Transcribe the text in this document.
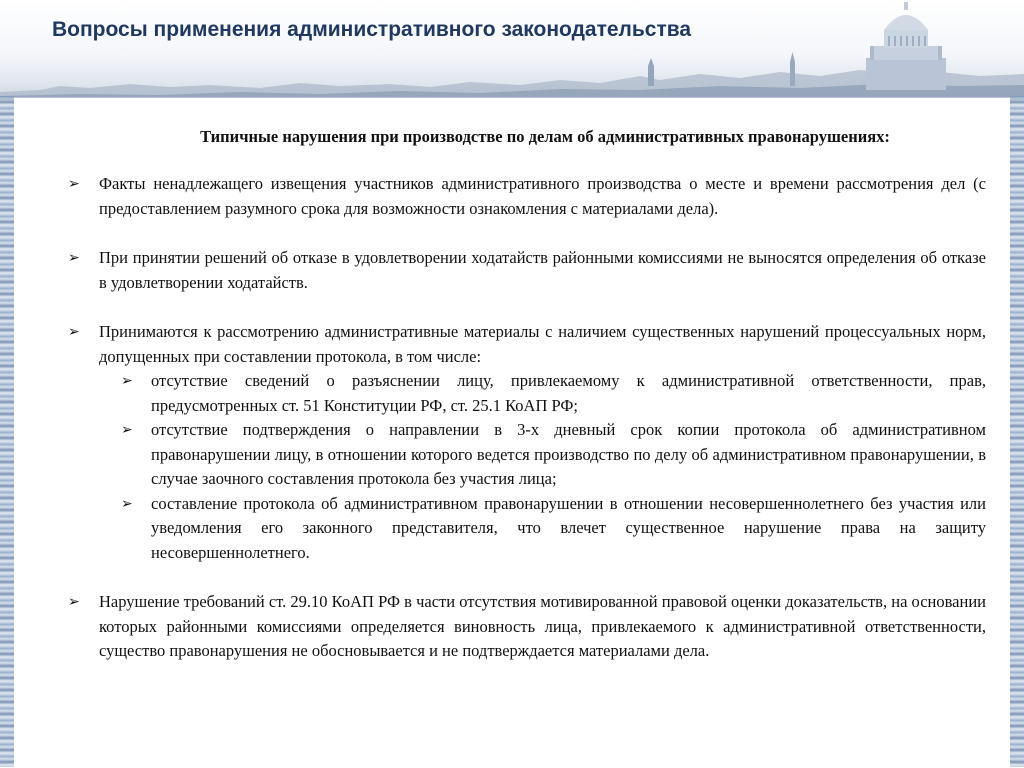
Вопросы применения административного законодательства
Типичные нарушения при производстве по делам об административных правонарушениях:
➢ Факты ненадлежащего извещения участников административного производства о месте и времени рассмотрения дел (с предоставлением разумного срока для возможности ознакомления с материалами дела).
➢ При принятии решений об отказе в удовлетворении ходатайств районными комиссиями не выносятся определения об отказе в удовлетворении ходатайств.
➢ Принимаются к рассмотрению административные материалы с наличием существенных нарушений процессуальных норм, допущенных при составлении протокола, в том числе:
➢ отсутствие сведений о разъяснении лицу, привлекаемому к административной ответственности, прав, предусмотренных ст. 51 Конституции РФ, ст. 25.1 КоАП РФ;
➢ отсутствие подтверждения о направлении в 3-х дневный срок копии протокола об административном правонарушении лицу, в отношении которого ведется производство по делу об административном правонарушении, в случае заочного составления протокола без участия лица;
➢ составление протокола об административном правонарушении в отношении несовершеннолетнего без участия или уведомления его законного представителя, что влечет существенное нарушение права на защиту несовершеннолетнего.
➢ Нарушение требований ст. 29.10 КоАП РФ в части отсутствия мотивированной правовой оценки доказательств, на основании которых районными комиссиями определяется виновность лица, привлекаемого к административной ответственности, существо правонарушения не обосновывается и не подтверждается материалами дела.
